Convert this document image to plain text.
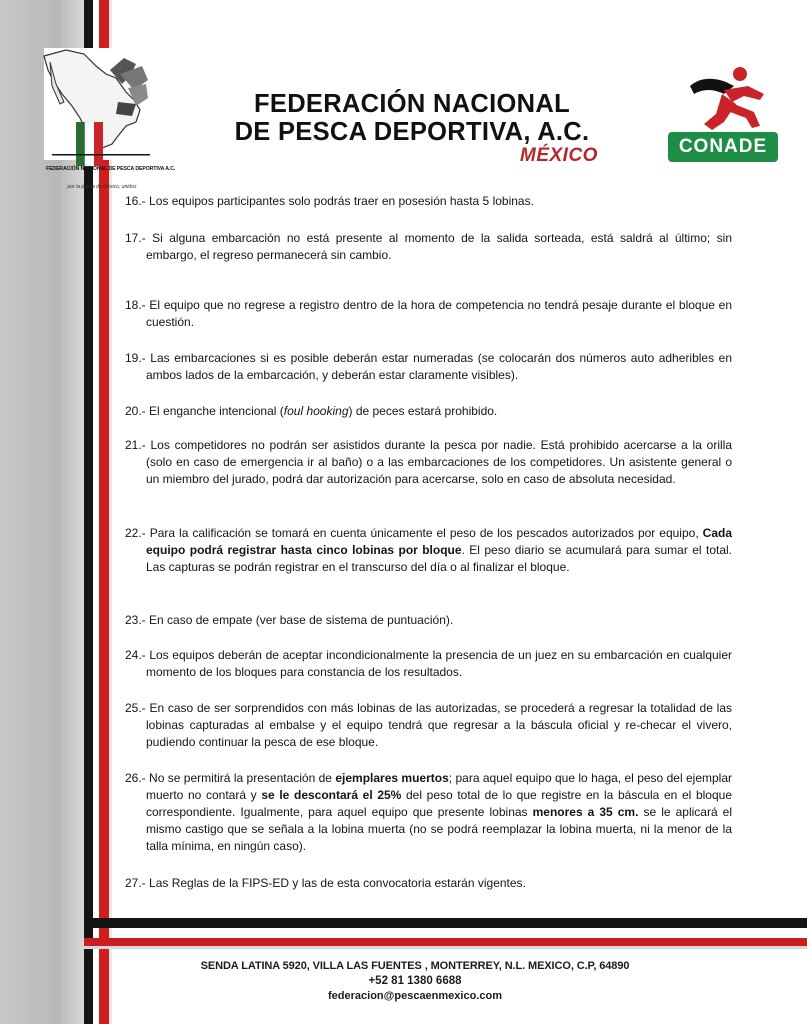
FEDERACIÓN NACIONAL DE PESCA DEPORTIVA A.C.
por la pesca de México, unidos
FEDERACIÓN NACIONAL
DE PESCA DEPORTIVA, A.C.
MÉXICO	CONADE

16.- Los equipos participantes solo podrás traer en posesión hasta 5 lobinas.

17.- Si alguna embarcación no está presente al momento de la salida sorteada, está saldrá al último; sin embargo, el regreso permanecerá sin cambio.

18.- El equipo que no regrese a registro dentro de la hora de competencia no tendrá pesaje durante el bloque en cuestión.

19.- Las embarcaciones si es posible deberán estar numeradas (se colocarán dos números auto adheribles en ambos lados de la embarcación, y deberán estar claramente visibles).

20.- El enganche intencional (foul hooking) de peces estará prohibido.

21.- Los competidores no podrán ser asistidos durante la pesca por nadie. Está prohibido acercarse a la orilla (solo en caso de emergencia ir al baño) o a las embarcaciones de los competidores. Un asistente general o un miembro del jurado, podrá dar autorización para acercarse, solo en caso de absoluta necesidad.

22.- Para la calificación se tomará en cuenta únicamente el peso de los pescados autorizados por equipo, Cada equipo podrá registrar hasta cinco lobinas por bloque. El peso diario se acumulará para sumar el total. Las capturas se podrán registrar en el transcurso del día o al finalizar el bloque.

23.- En caso de empate (ver base de sistema de puntuación).

24.- Los equipos deberán de aceptar incondicionalmente la presencia de un juez en su embarcación en cualquier momento de los bloques para constancia de los resultados.

25.- En caso de ser sorprendidos con más lobinas de las autorizadas, se procederá a regresar la totalidad de las lobinas capturadas al embalse y el equipo tendrá que regresar a la báscula oficial y re-checar el vivero, pudiendo continuar la pesca de ese bloque.

26.- No se permitirá la presentación de ejemplares muertos; para aquel equipo que lo haga, el peso del ejemplar muerto no contará y se le descontará el 25% del peso total de lo que registre en la báscula en el bloque correspondiente. Igualmente, para aquel equipo que presente lobinas menores a 35 cm. se le aplicará el mismo castigo que se señala a la lobina muerta (no se podrá reemplazar la lobina muerta, ni la menor de la talla mínima, en ningún caso).

27.- Las Reglas de la FIPS-ED y las de esta convocatoria estarán vigentes.

SENDA LATINA 5920, VILLA LAS FUENTES , MONTERREY, N.L. MEXICO, C.P, 64890
+52 81 1380 6688
federacion@pescaenmexico.com
